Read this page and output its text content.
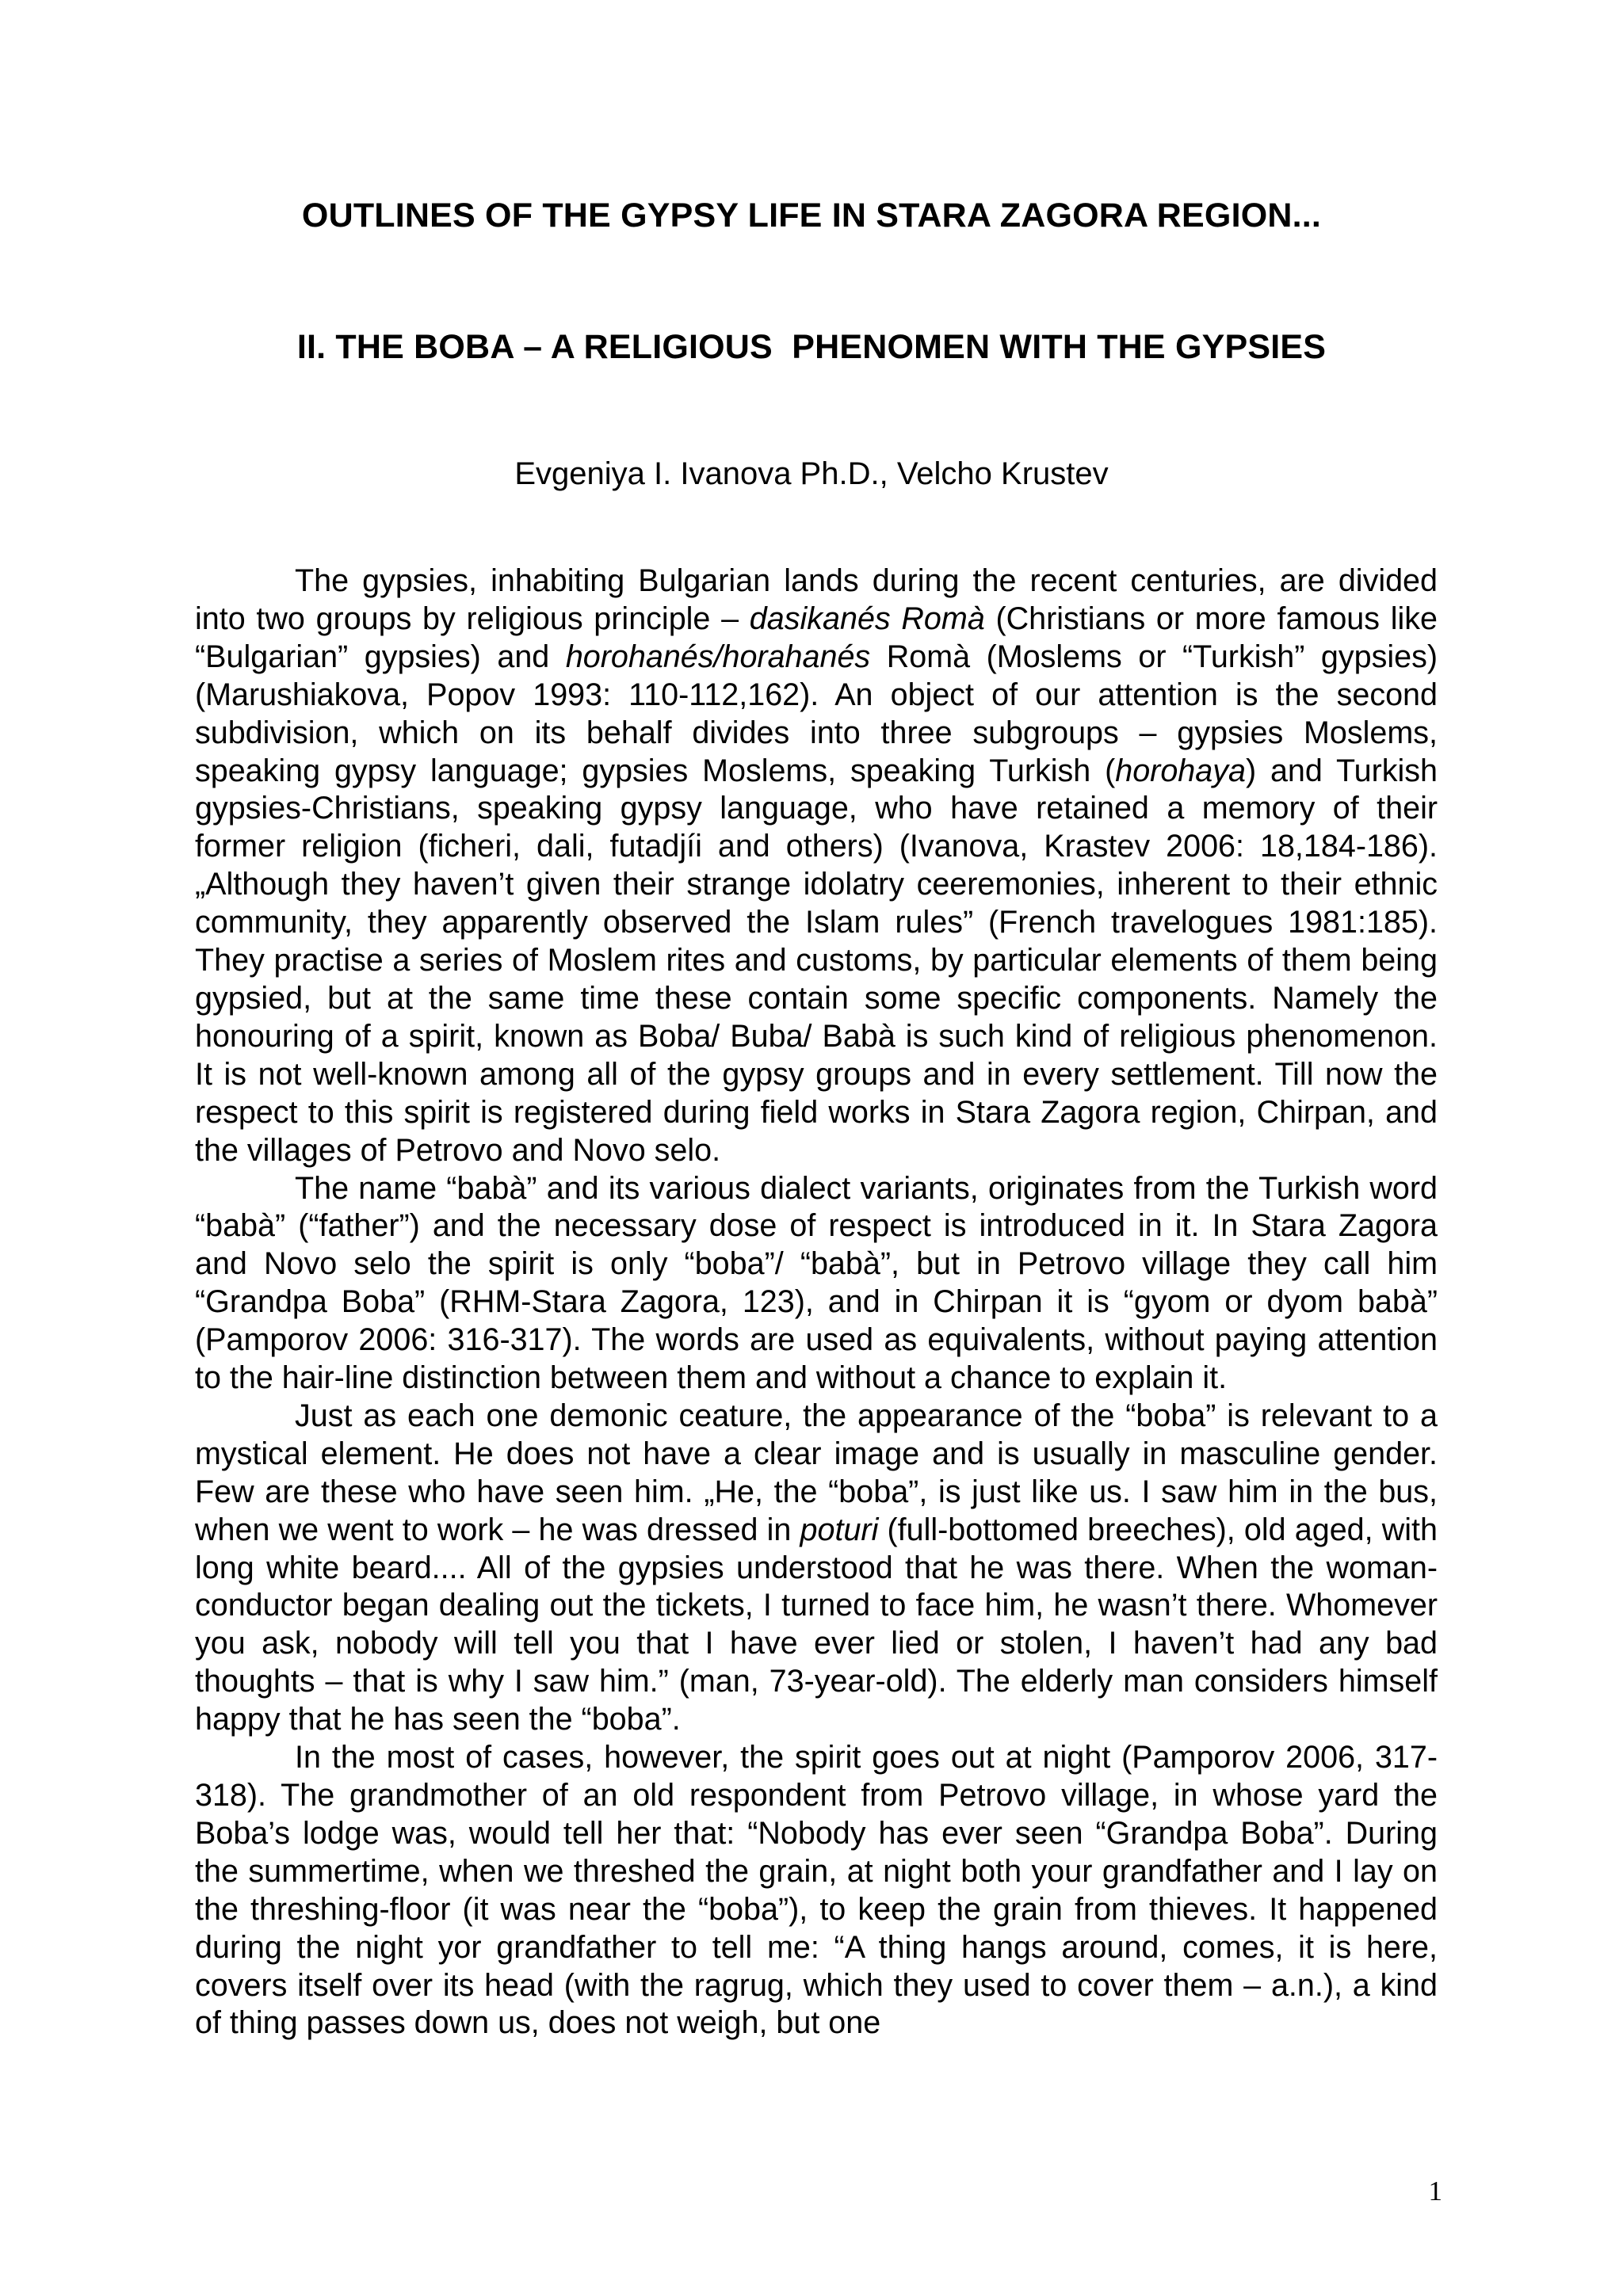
OUTLINES OF THE GYPSY LIFE IN STARA ZAGORA REGION...
II. THE BOBA – A RELIGIOUS  PHENOMEN WITH THE GYPSIES
Evgeniya I. Ivanova Ph.D., Velcho Krustev

The gypsies, inhabiting Bulgarian lands during the recent centuries, are divided into two groups by religious principle – dasikanés Romà (Christians or more famous like “Bulgarian” gypsies) and horohanés/horahanés Romà (Moslems or “Turkish” gypsies) (Marushiakova, Popov 1993: 110-112,162). An object of our attention is the second subdivision, which on its behalf divides into three subgroups – gypsies Moslems, speaking gypsy language; gypsies Moslems, speaking Turkish (horohaya) and Turkish gypsies-Christians, speaking gypsy language, who have retained a memory of their former religion (ficheri, dali, futadjíi and others) (Ivanova, Krastev 2006: 18,184-186). „Although they haven’t given their strange idolatry ceeremonies, inherent to their ethnic community, they apparently observed the Islam rules” (French travelogues 1981:185). They practise a series of Moslem rites and customs, by particular elements of them being gypsied, but at the same time these contain some specific components. Namely the honouring of a spirit, known as Boba/ Buba/ Babà is such kind of religious phenomenon. It is not well-known among all of the gypsy groups and in every settlement. Till now the respect to this spirit is registered during field works in Stara Zagora region, Chirpan, and the villages of Petrovo and Novo selo.

The name “babà” and its various dialect variants, originates from the Turkish word “babà” (“father”) and the necessary dose of respect is introduced in it. In Stara Zagora and Novo selo the spirit is only “boba”/ “babà”, but in Petrovo village they call him “Grandpa Boba” (RHM-Stara Zagora, 123), and in Chirpan it is “gyom or dyom babà” (Pamporov 2006: 316-317). The words are used as equivalents, without paying attention to the hair-line distinction between them and without a chance to explain it.

Just as each one demonic ceature, the appearance of the “boba” is relevant to a mystical element. He does not have a clear image and is usually in masculine gender. Few are these who have seen him. „He, the “boba”, is just like us. I saw him in the bus, when we went to work – he was dressed in poturi (full-bottomed breeches), old aged, with long white beard.... All of the gypsies understood that he was there. When the woman-conductor began dealing out the tickets, I turned to face him, he wasn’t there. Whomever you ask, nobody will tell you that I have ever lied or stolen, I haven’t had any bad thoughts – that is why I saw him.” (man, 73-year-old). The elderly man considers himself happy that he has seen the “boba”.

In the most of cases, however, the spirit goes out at night (Pamporov 2006, 317-318). The grandmother of an old respondent from Petrovo village, in whose yard the Boba’s lodge was, would tell her that: “Nobody has ever seen “Grandpa Boba”. During the summertime, when we threshed the grain, at night both your grandfather and I lay on the threshing-floor (it was near the “boba”), to keep the grain from thieves. It happened during the night yor grandfather to tell me: “A thing hangs around, comes, it is here, covers itself over its head (with the ragrug, which they used to cover them – a.n.), a kind of thing passes down us, does not weigh, but one

1
